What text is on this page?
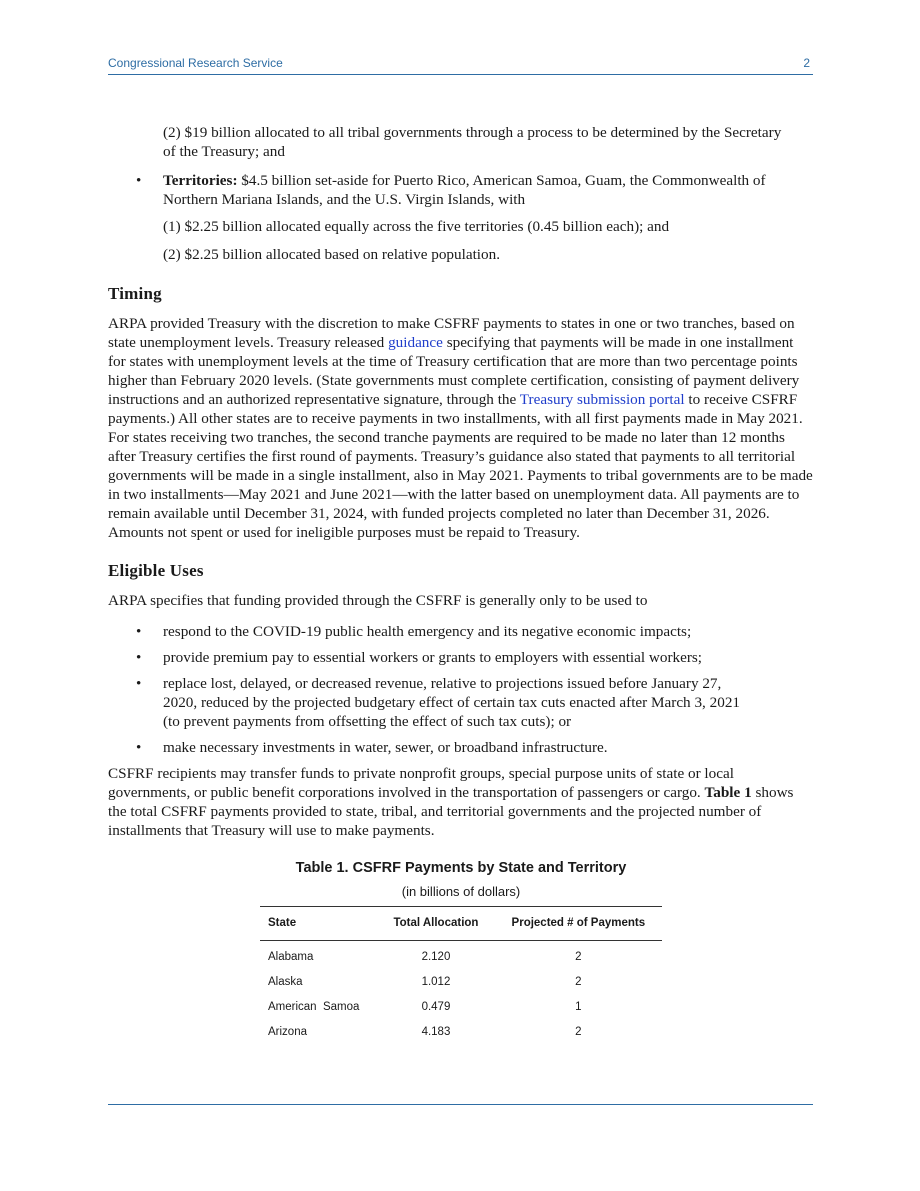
Congressional Research Service	2

(2) $19 billion allocated to all tribal governments through a process to be determined by the Secretary of the Treasury; and

• Territories: $4.5 billion set-aside for Puerto Rico, American Samoa, Guam, the Commonwealth of Northern Mariana Islands, and the U.S. Virgin Islands, with

(1) $2.25 billion allocated equally across the five territories (0.45 billion each); and

(2) $2.25 billion allocated based on relative population.

Timing

ARPA provided Treasury with the discretion to make CSFRF payments to states in one or two tranches, based on state unemployment levels. Treasury released guidance specifying that payments will be made in one installment for states with unemployment levels at the time of Treasury certification that are more than two percentage points higher than February 2020 levels. (State governments must complete certification, consisting of payment delivery instructions and an authorized representative signature, through the Treasury submission portal to receive CSFRF payments.) All other states are to receive payments in two installments, with all first payments made in May 2021. For states receiving two tranches, the second tranche payments are required to be made no later than 12 months after Treasury certifies the first round of payments. Treasury’s guidance also stated that payments to all territorial governments will be made in a single installment, also in May 2021. Payments to tribal governments are to be made in two installments—May 2021 and June 2021—with the latter based on unemployment data. All payments are to remain available until December 31, 2024, with funded projects completed no later than December 31, 2026. Amounts not spent or used for ineligible purposes must be repaid to Treasury.

Eligible Uses

ARPA specifies that funding provided through the CSFRF is generally only to be used to

• respond to the COVID-19 public health emergency and its negative economic impacts;
• provide premium pay to essential workers or grants to employers with essential workers;
• replace lost, delayed, or decreased revenue, relative to projections issued before January 27, 2020, reduced by the projected budgetary effect of certain tax cuts enacted after March 3, 2021 (to prevent payments from offsetting the effect of such tax cuts); or
• make necessary investments in water, sewer, or broadband infrastructure.

CSFRF recipients may transfer funds to private nonprofit groups, special purpose units of state or local governments, or public benefit corporations involved in the transportation of passengers or cargo. Table 1 shows the total CSFRF payments provided to state, tribal, and territorial governments and the projected number of installments that Treasury will use to make payments.

Table 1. CSFRF Payments by State and Territory
(in billions of dollars)
State	Total Allocation	Projected # of Payments
Alabama	2.120	2
Alaska	1.012	2
American  Samoa	0.479	1
Arizona	4.183	2
